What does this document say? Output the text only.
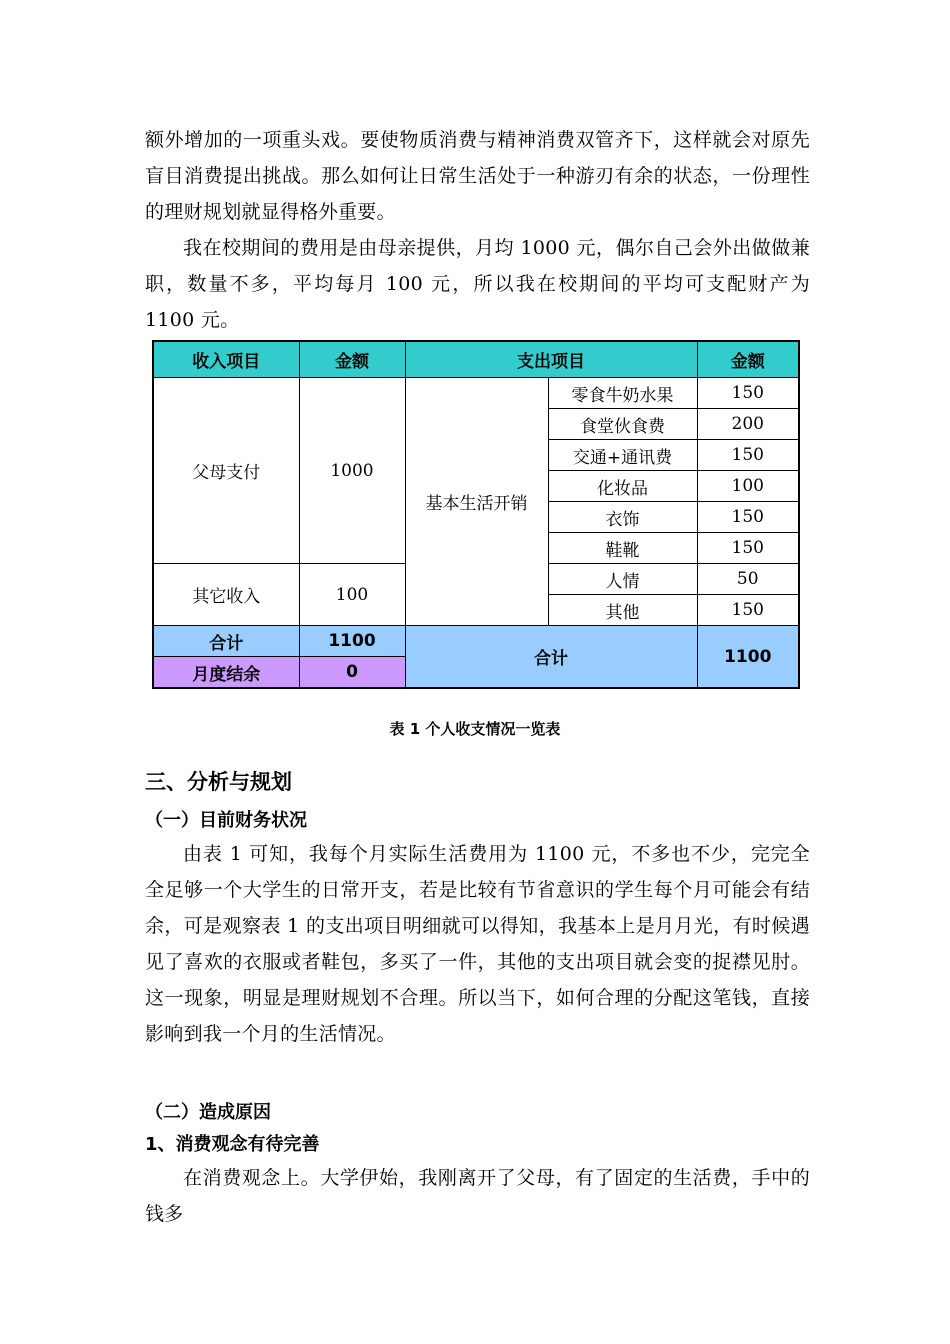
额外增加的一项重头戏。要使物质消费与精神消费双管齐下，这样就会对原先盲目消费提出挑战。那么如何让日常生活处于一种游刃有余的状态，一份理性的理财规划就显得格外重要。

我在校期间的费用是由母亲提供，月均 1000 元，偶尔自己会外出做做兼职，数量不多，平均每月 100 元，所以我在校期间的平均可支配财产为 1100 元。

收入项目	金额	支出项目		金额
父母支付	1000	基本生活开销	零食牛奶水果	150
			食堂伙食费	200
			交通+通讯费	150
			化妆品	100
			衣饰	150
			鞋靴	150
其它收入	100		人情	50
			其他	150
合计	1100	合计		1100
月度结余	0			
表 1 个人收支情况一览表
三、分析与规划
（一）目前财务状况

由表 1 可知，我每个月实际生活费用为 1100 元，不多也不少，完完全全足够一个大学生的日常开支，若是比较有节省意识的学生每个月可能会有结余，可是观察表 1 的支出项目明细就可以得知，我基本上是月月光，有时候遇见了喜欢的衣服或者鞋包，多买了一件，其他的支出项目就会变的捉襟见肘。这一现象，明显是理财规划不合理。所以当下，如何合理的分配这笔钱，直接影响到我一个月的生活情况。

（二）造成原因
1、消费观念有待完善

在消费观念上。大学伊始，我刚离开了父母，有了固定的生活费，手中的钱多
